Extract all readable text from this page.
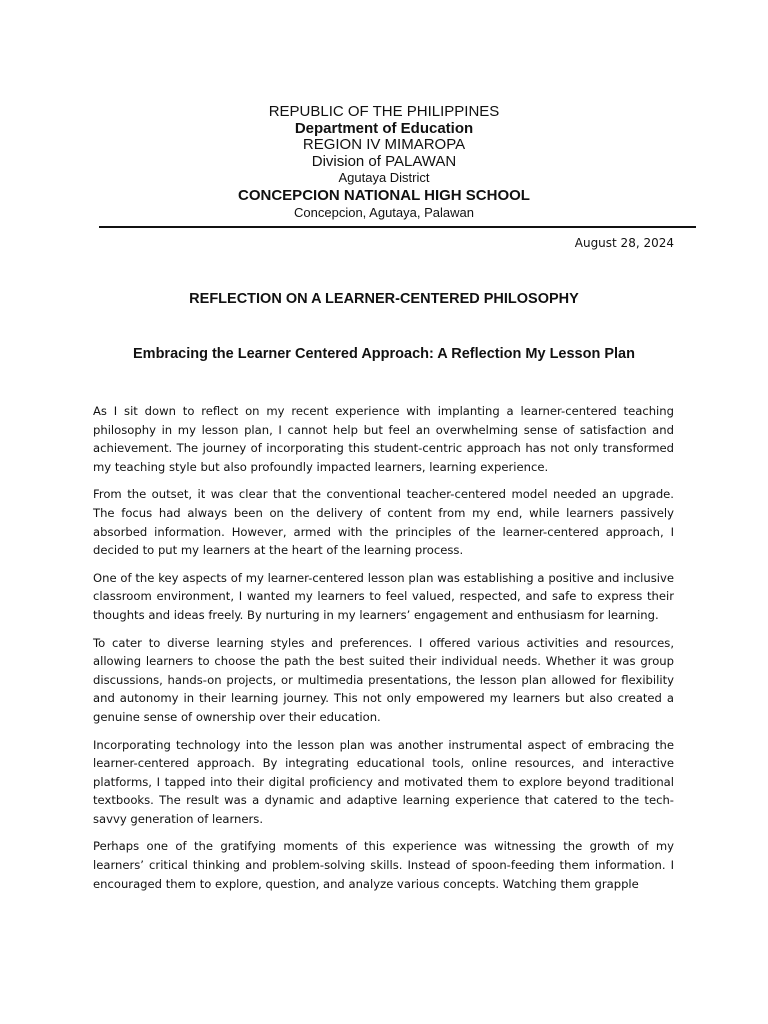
REPUBLIC OF THE PHILIPPINES
Department of Education
REGION IV MIMAROPA
Division of PALAWAN
Agutaya District
CONCEPCION NATIONAL HIGH SCHOOL
Concepcion, Agutaya, Palawan
August 28, 2024
REFLECTION ON A LEARNER-CENTERED PHILOSOPHY
Embracing the Learner Centered Approach: A Reflection My Lesson Plan

As I sit down to reflect on my recent experience with implanting a learner-centered teaching philosophy in my lesson plan, I cannot help but feel an overwhelming sense of satisfaction and achievement. The journey of incorporating this student-centric approach has not only transformed my teaching style but also profoundly impacted learners, learning experience.

From the outset, it was clear that the conventional teacher-centered model needed an upgrade. The focus had always been on the delivery of content from my end, while learners passively absorbed information. However, armed with the principles of the learner-centered approach, I decided to put my learners at the heart of the learning process.

One of the key aspects of my learner-centered lesson plan was establishing a positive and inclusive classroom environment, I wanted my learners to feel valued, respected, and safe to express their thoughts and ideas freely. By nurturing in my learners’ engagement and enthusiasm for learning.

To cater to diverse learning styles and preferences. I offered various activities and resources, allowing learners to choose the path the best suited their individual needs. Whether it was group discussions, hands-on projects, or multimedia presentations, the lesson plan allowed for flexibility and autonomy in their learning journey. This not only empowered my learners but also created a genuine sense of ownership over their education.

Incorporating technology into the lesson plan was another instrumental aspect of embracing the learner-centered approach. By integrating educational tools, online resources, and interactive platforms, I tapped into their digital proficiency and motivated them to explore beyond traditional textbooks. The result was a dynamic and adaptive learning experience that catered to the tech-savvy generation of learners.

Perhaps one of the gratifying moments of this experience was witnessing the growth of my learners’ critical thinking and problem-solving skills. Instead of spoon-feeding them information. I encouraged them to explore, question, and analyze various concepts. Watching them grapple
